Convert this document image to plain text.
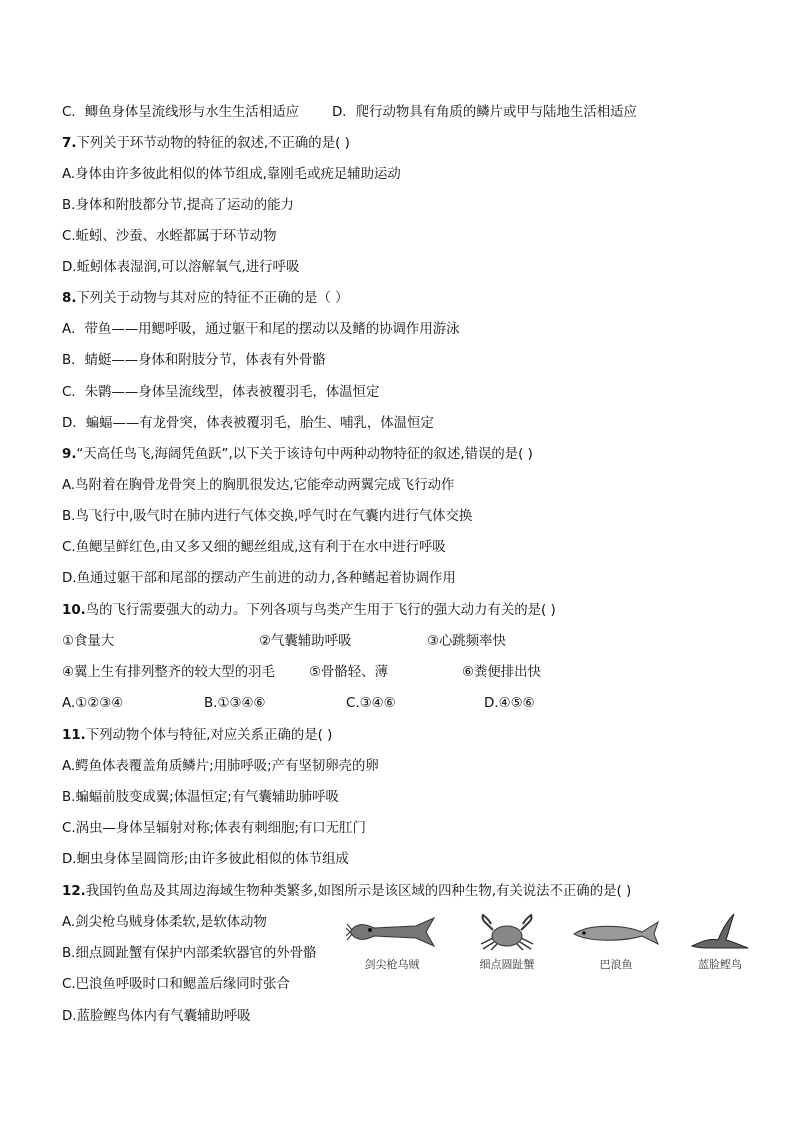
C．鲫鱼身体呈流线形与水生生活相适应 D．爬行动物具有角质的鳞片或甲与陆地生活相适应
7.下列关于环节动物的特征的叙述,不正确的是( )
A.身体由许多彼此相似的体节组成,靠刚毛或疣足辅助运动
B.身体和附肢都分节,提高了运动的能力
C.蚯蚓、沙蚕、水蛭都属于环节动物
D.蚯蚓体表湿润,可以溶解氧气,进行呼吸
8.下列关于动物与其对应的特征不正确的是（ ）
A．带鱼——用鳃呼吸，通过躯干和尾的摆动以及鳍的协调作用游泳
B．蜻蜓——身体和附肢分节，体表有外骨骼
C．朱鹮——身体呈流线型，体表被覆羽毛，体温恒定
D．蝙蝠——有龙骨突，体表被覆羽毛，胎生、哺乳，体温恒定
9.“天高任鸟飞,海阔凭鱼跃”,以下关于该诗句中两种动物特征的叙述,错误的是( )
A.鸟附着在胸骨龙骨突上的胸肌很发达,它能牵动两翼完成飞行动作
B.鸟飞行中,吸气时在肺内进行气体交换,呼气时在气囊内进行气体交换
C.鱼鳃呈鲜红色,由又多又细的鳃丝组成,这有利于在水中进行呼吸
D.鱼通过躯干部和尾部的摆动产生前进的动力,各种鳍起着协调作用
10.鸟的飞行需要强大的动力。下列各项与鸟类产生用于飞行的强大动力有关的是( )
①食量大	②气囊辅助呼吸	③心跳频率快
④翼上生有排列整齐的较大型的羽毛	⑤骨骼轻、薄	⑥粪便排出快
A.①②③④	B.①③④⑥	C.③④⑥	D.④⑤⑥
11.下列动物个体与特征,对应关系正确的是( )
A.鳄鱼体表覆盖角质鳞片;用肺呼吸;产有坚韧卵壳的卵
B.蝙蝠前肢变成翼;体温恒定;有气囊辅助肺呼吸
C.涡虫—身体呈辐射对称;体表有刺细胞;有口无肛门
D.蛔虫身体呈圆筒形;由许多彼此相似的体节组成
12.我国钓鱼岛及其周边海域生物种类繁多,如图所示是该区域的四种生物,有关说法不正确的是( )
A.剑尖枪乌贼身体柔软,是软体动物
B.细点圆趾蟹有保护内部柔软器官的外骨骼
C.巴浪鱼呼吸时口和鳃盖后缘同时张合
D.蓝脸鲣鸟体内有气囊辅助呼吸
剑尖枪乌贼	细点圆趾蟹	巴浪鱼	蓝脸鲣鸟
